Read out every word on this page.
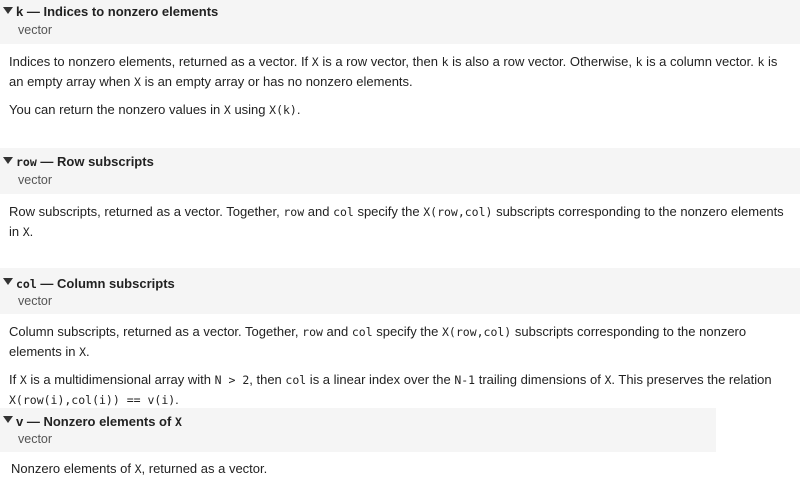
k — Indices to nonzero elements
vector

Indices to nonzero elements, returned as a vector. If X is a row vector, then k is also a row vector. Otherwise, k is a column vector. k is an empty array when X is an empty array or has no nonzero elements.

You can return the nonzero values in X using X(k).

row — Row subscripts
vector

Row subscripts, returned as a vector. Together, row and col specify the X(row,col) subscripts corresponding to the nonzero elements in X.

col — Column subscripts
vector

Column subscripts, returned as a vector. Together, row and col specify the X(row,col) subscripts corresponding to the nonzero elements in X.

If X is a multidimensional array with N > 2, then col is a linear index over the N-1 trailing dimensions of X. This preserves the relation X(row(i),col(i)) == v(i).

v — Nonzero elements of X
vector

Nonzero elements of X, returned as a vector.
